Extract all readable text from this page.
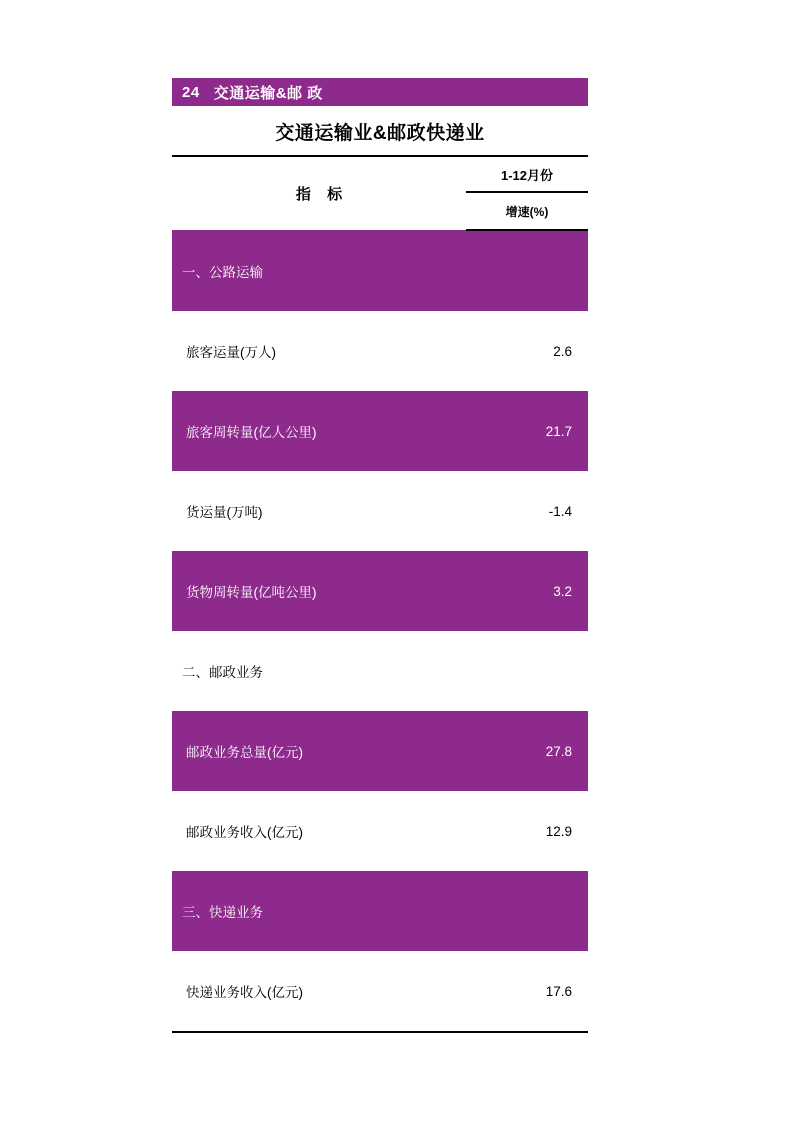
24 交通运输&邮 政
交通运输业&邮政快递业
指 标	1-12月份
	增速(%)
一、公路运输	
旅客运量(万人)	2.6
旅客周转量(亿人公里)	21.7
货运量(万吨)	-1.4
货物周转量(亿吨公里)	3.2
二、邮政业务	
邮政业务总量(亿元)	27.8
邮政业务收入(亿元)	12.9
三、快递业务	
快递业务收入(亿元)	17.6
